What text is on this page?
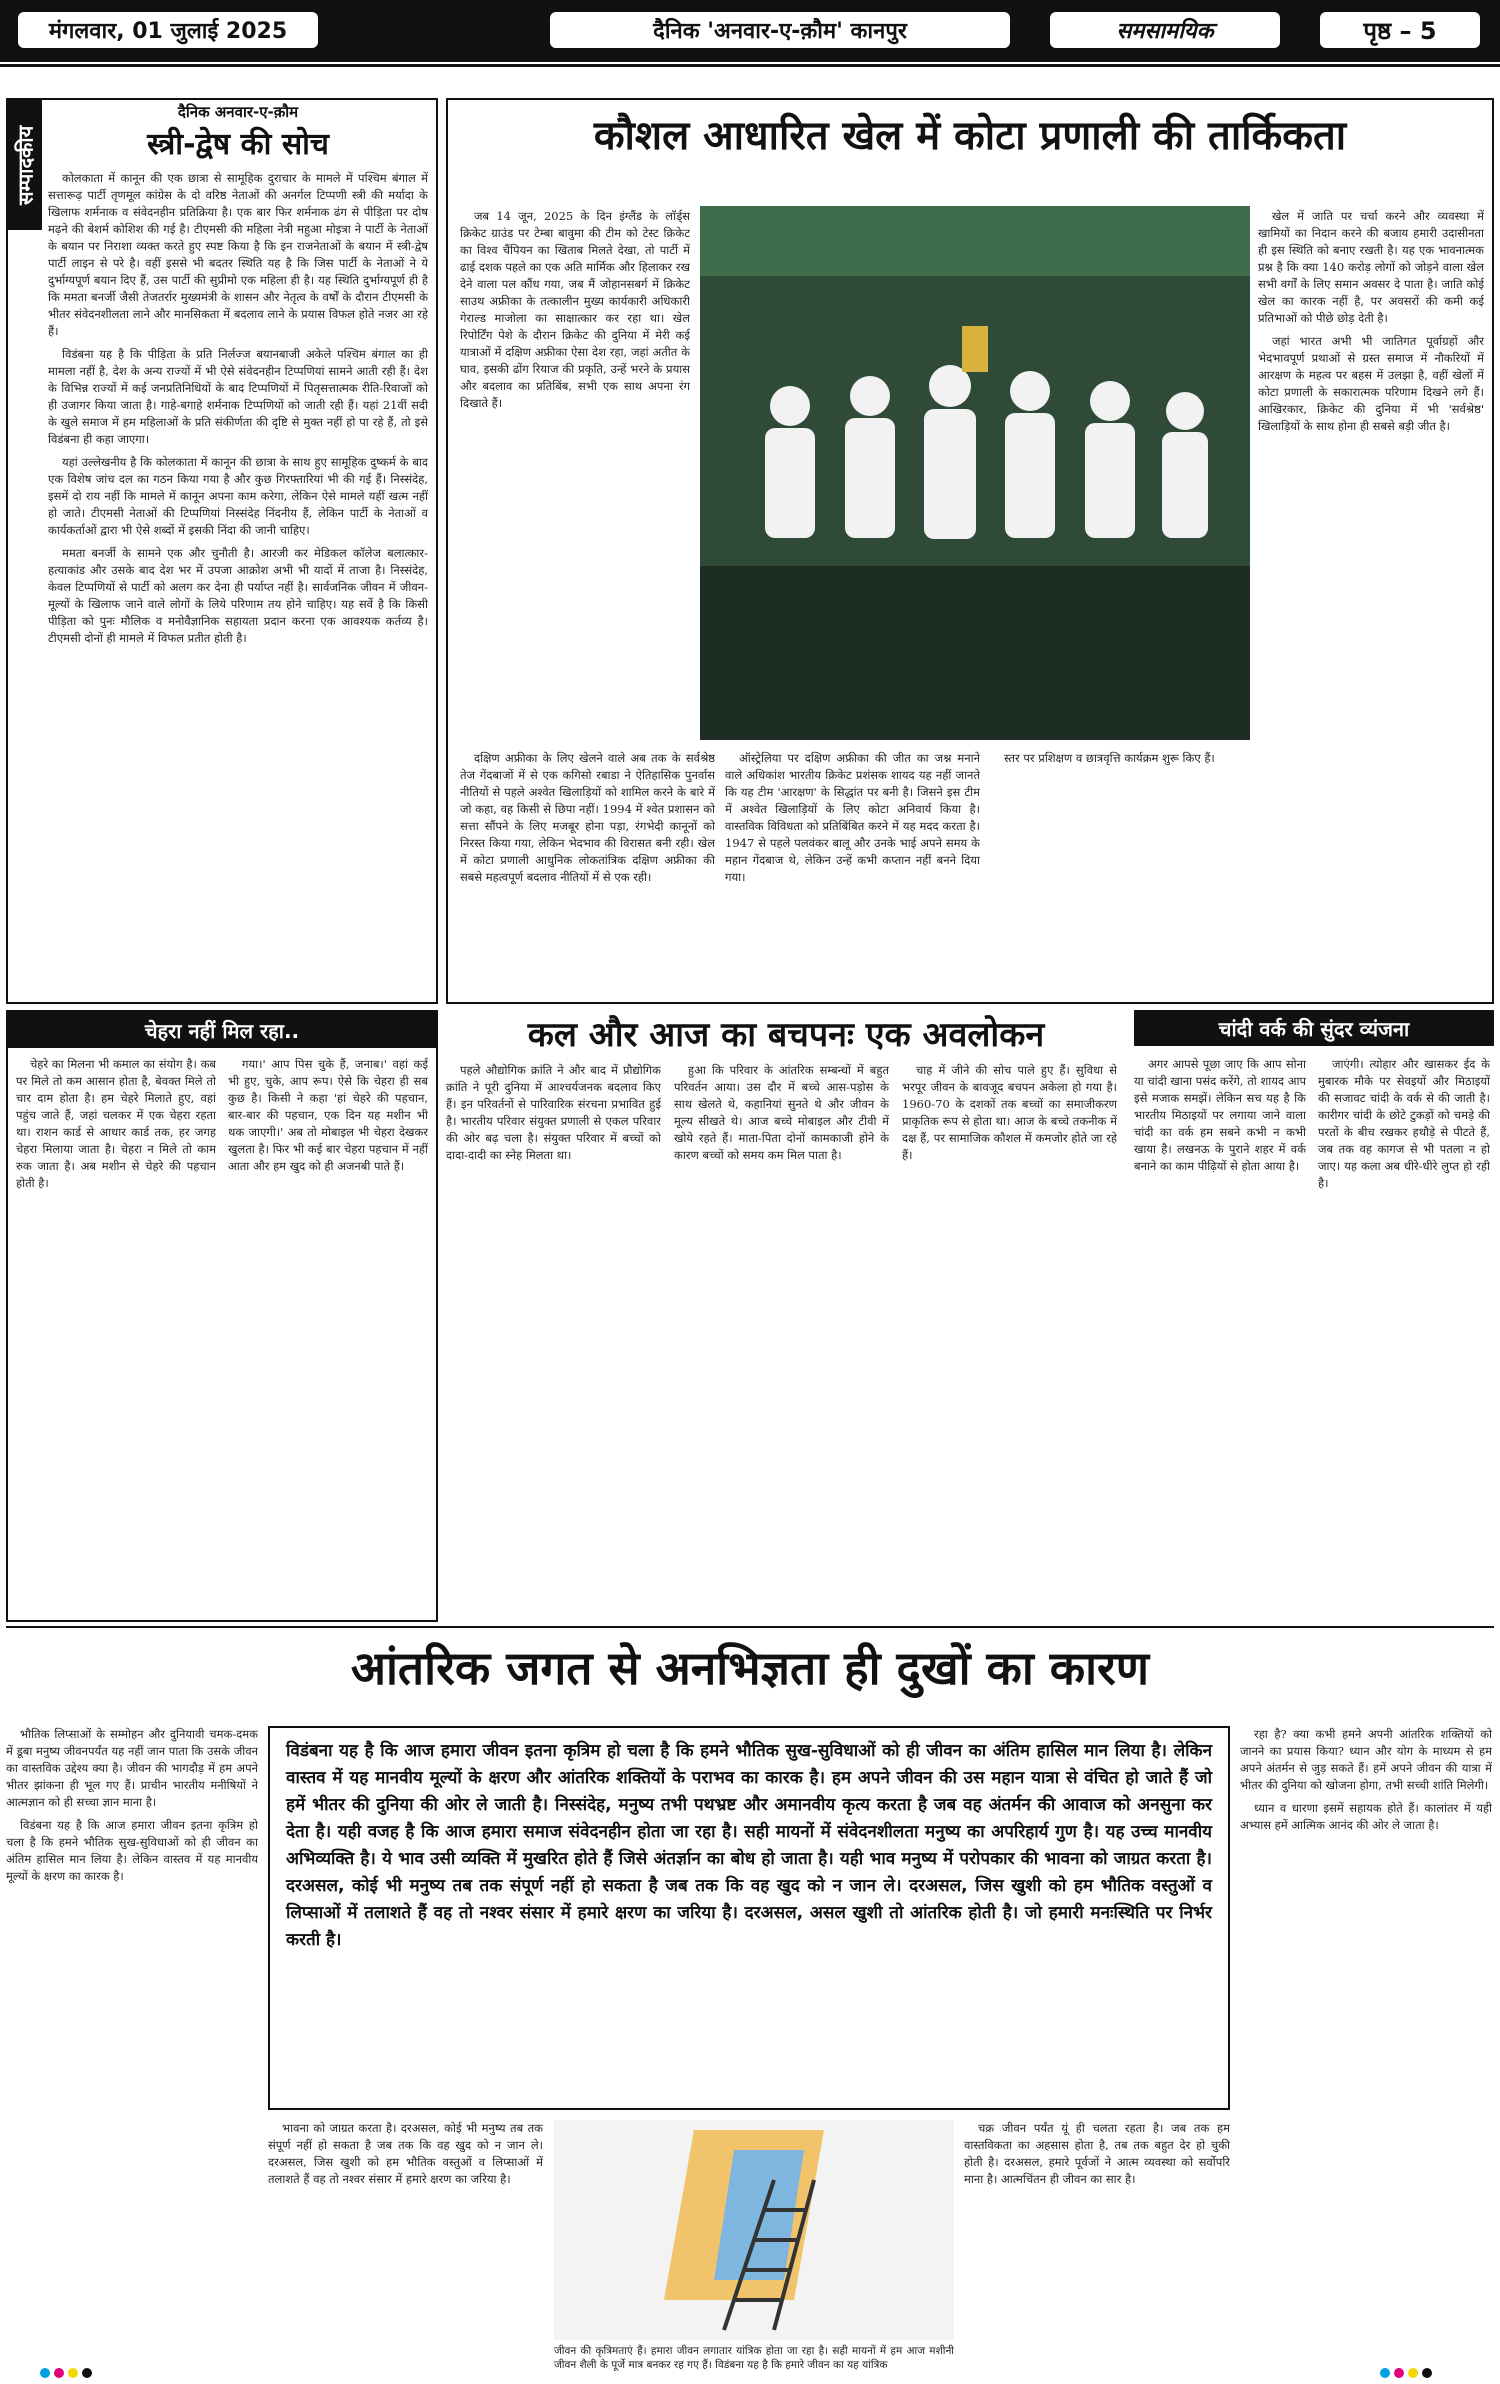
मंगलवार, 01 जुलाई 2025	दैनिक 'अनवार-ए-क़ौम' कानपुर	समसामयिक	पृष्ठ – 5
सम्पादकीय
दैनिक अनवार-ए-क़ौम
स्त्री-द्वेष की सोच

कोलकाता में कानून की एक छात्रा से सामूहिक दुराचार के मामले में पश्चिम बंगाल में सत्तारूढ़ पार्टी तृणमूल कांग्रेस के दो वरिष्ठ नेताओं की अनर्गल टिप्पणी स्त्री की मर्यादा के खिलाफ शर्मनाक व संवेदनहीन प्रतिक्रिया है। एक बार फिर शर्मनाक ढंग से पीड़िता पर दोष मढ़ने की बेशर्म कोशिश की गई है। टीएमसी की महिला नेत्री महुआ मोइत्रा ने पार्टी के नेताओं के बयान पर निराशा व्यक्त करते हुए स्पष्ट किया है कि इन राजनेताओं के बयान में स्त्री-द्वेष पार्टी लाइन से परे है। वहीं इससे भी बदतर स्थिति यह है कि जिस पार्टी के नेताओं ने ये दुर्भाग्यपूर्ण बयान दिए हैं, उस पार्टी की सुप्रीमो एक महिला ही है। यह स्थिति दुर्भाग्यपूर्ण ही है कि ममता बनर्जी जैसी तेजतर्रार मुख्यमंत्री के शासन और नेतृत्व के वर्षों के दौरान टीएमसी के भीतर संवेदनशीलता लाने और मानसिकता में बदलाव लाने के प्रयास विफल होते नजर आ रहे हैं।

विडंबना यह है कि पीड़िता के प्रति निर्लज्ज बयानबाजी अकेले पश्चिम बंगाल का ही मामला नहीं है, देश के अन्य राज्यों में भी ऐसे संवेदनहीन टिप्पणियां सामने आती रही हैं। देश के विभिन्न राज्यों में कई जनप्रतिनिधियों के बाद टिप्पणियों में पितृसत्तात्मक रीति-रिवाजों को ही उजागर किया जाता है। गाहे-बगाहे शर्मनाक टिप्पणियों को जाती रही हैं। यहां 21वीं सदी के खुले समाज में हम महिलाओं के प्रति संकीर्णता की दृष्टि से मुक्त नहीं हो पा रहे हैं, तो इसे विडंबना ही कहा जाएगा।

यहां उल्लेखनीय है कि कोलकाता में कानून की छात्रा के साथ हुए सामूहिक दुष्कर्म के बाद एक विशेष जांच दल का गठन किया गया है और कुछ गिरफ्तारियां भी की गई हैं। निस्संदेह, इसमें दो राय नहीं कि मामले में कानून अपना काम करेगा, लेकिन ऐसे मामले यहीं खत्म नहीं हो जाते। टीएमसी नेताओं की टिप्पणियां निस्संदेह निंदनीय हैं, लेकिन पार्टी के नेताओं व कार्यकर्ताओं द्वारा भी ऐसे शब्दों में इसकी निंदा की जानी चाहिए।

ममता बनर्जी के सामने एक और चुनौती है। आरजी कर मेडिकल कॉलेज बलात्कार-हत्याकांड और उसके बाद देश भर में उपजा आक्रोश अभी भी यादों में ताजा है। निस्संदेह, केवल टिप्पणियों से पार्टी को अलग कर देना ही पर्याप्त नहीं है। सार्वजनिक जीवन में जीवन-मूल्यों के खिलाफ जाने वाले लोगों के लिये परिणाम तय होने चाहिए। यह सर्वे है कि किसी पीड़िता को पुनः मौलिक व मनोवैज्ञानिक सहायता प्रदान करना एक आवश्यक कर्तव्य है। टीएमसी दोनों ही मामले में विफल प्रतीत होती है।

कौशल आधारित खेल में कोटा प्रणाली की तार्किकता

जब 14 जून, 2025 के दिन इंग्लैंड के लॉर्ड्स क्रिकेट ग्राउंड पर टेम्बा बावुमा की टीम को टेस्ट क्रिकेट का विश्व चैंपियन का खिताब मिलते देखा, तो पार्टी में ढाई दशक पहले का एक अति मार्मिक और हिलाकर रख देने वाला पल कौंध गया, जब मैं जोहानसबर्ग में क्रिकेट साउथ अफ्रीका के तत्कालीन मुख्य कार्यकारी अधिकारी गेराल्ड माजोला का साक्षात्कार कर रहा था। खेल रिपोर्टिंग पेशे के दौरान क्रिकेट की दुनिया में मेरी कई यात्राओं में दक्षिण अफ्रीका ऐसा देश रहा, जहां अतीत के घाव, इसकी ढोंग रियाज की प्रकृति, उन्हें भरने के प्रयास और बदलाव का प्रतिबिंब, सभी एक साथ अपना रंग दिखाते हैं।

दक्षिण अफ्रीका के लिए खेलने वाले अब तक के सर्वश्रेष्ठ तेज गेंदबाजों में से एक कगिसो रबाडा ने ऐतिहासिक पुनर्वास नीतियों से पहले अश्वेत खिलाड़ियों को शामिल करने के बारे में जो कहा, वह किसी से छिपा नहीं। 1994 में श्वेत प्रशासन को सत्ता सौंपने के लिए मजबूर होना पड़ा, रंगभेदी कानूनों को निरस्त किया गया, लेकिन भेदभाव की विरासत बनी रही। खेल में कोटा प्रणाली आधुनिक लोकतांत्रिक दक्षिण अफ्रीका की सबसे महत्वपूर्ण बदलाव नीतियों में से एक रही।

ऑस्ट्रेलिया पर दक्षिण अफ्रीका की जीत का जश्न मनाने वाले अधिकांश भारतीय क्रिकेट प्रशंसक शायद यह नहीं जानते कि यह टीम 'आरक्षण' के सिद्धांत पर बनी है। जिसने इस टीम में अश्वेत खिलाड़ियों के लिए कोटा अनिवार्य किया है। वास्तविक विविधता को प्रतिबिंबित करने में यह मदद करता है। 1947 से पहले पलवंकर बालू और उनके भाई अपने समय के महान गेंदबाज थे, लेकिन उन्हें कभी कप्तान नहीं बनने दिया गया।

स्तर पर प्रशिक्षण व छात्रवृत्ति कार्यक्रम शुरू किए हैं।

खेल में जाति पर चर्चा करने और व्यवस्था में खामियों का निदान करने की बजाय हमारी उदासीनता ही इस स्थिति को बनाए रखती है। यह एक भावनात्मक प्रश्न है कि क्या 140 करोड़ लोगों को जोड़ने वाला खेल सभी वर्गों के लिए समान अवसर दे पाता है। जाति कोई खेल का कारक नहीं है, पर अवसरों की कमी कई प्रतिभाओं को पीछे छोड़ देती है।

जहां भारत अभी भी जातिगत पूर्वाग्रहों और भेदभावपूर्ण प्रथाओं से ग्रस्त समाज में नौकरियों में आरक्षण के महत्व पर बहस में उलझा है, वहीं खेलों में कोटा प्रणाली के सकारात्मक परिणाम दिखने लगे हैं। आखिरकार, क्रिकेट की दुनिया में भी 'सर्वश्रेष्ठ' खिलाड़ियों के साथ होना ही सबसे बड़ी जीत है।

चेहरा नहीं मिल रहा..

चेहरे का मिलना भी कमाल का संयोग है। कब पर मिले तो कम आसान होता है, बेवक्त मिले तो चार दाम होता है। हम चेहरे मिलाते हुए, वहां पहुंच जाते हैं, जहां चलकर में एक चेहरा रहता था। राशन कार्ड से आधार कार्ड तक, हर जगह चेहरा मिलाया जाता है। चेहरा न मिले तो काम रुक जाता है। अब मशीन से चेहरे की पहचान होती है।

गया।' आप पिस चुके हैं, जनाब।' वहां कई भी हुए, चुके, आप रूप। ऐसे कि चेहरा ही सब कुछ है। किसी ने कहा 'हां चेहरे की पहचान, बार-बार की पहचान, एक दिन यह मशीन भी थक जाएगी।' अब तो मोबाइल भी चेहरा देखकर खुलता है। फिर भी कई बार चेहरा पहचान में नहीं आता और हम खुद को ही अजनबी पाते हैं।

कल और आज का बचपनः एक अवलोकन

पहले औद्योगिक क्रांति ने और बाद में प्रौद्योगिक क्रांति ने पूरी दुनिया में आश्चर्यजनक बदलाव किए हैं। इन परिवर्तनों से पारिवारिक संरचना प्रभावित हुई है। भारतीय परिवार संयुक्त प्रणाली से एकल परिवार की ओर बढ़ चला है। संयुक्त परिवार में बच्चों को दादा-दादी का स्नेह मिलता था।

हुआ कि परिवार के आंतरिक सम्बन्धों में बहुत परिवर्तन आया। उस दौर में बच्चे आस-पड़ोस के साथ खेलते थे, कहानियां सुनते थे और जीवन के मूल्य सीखते थे। आज बच्चे मोबाइल और टीवी में खोये रहते हैं। माता-पिता दोनों कामकाजी होने के कारण बच्चों को समय कम मिल पाता है।

चाह में जीने की सोच पाले हुए हैं। सुविधा से भरपूर जीवन के बावजूद बचपन अकेला हो गया है। 1960-70 के दशकों तक बच्चों का समाजीकरण प्राकृतिक रूप से होता था। आज के बच्चे तकनीक में दक्ष हैं, पर सामाजिक कौशल में कमजोर होते जा रहे हैं।

चांदी वर्क की सुंदर व्यंजना

अगर आपसे पूछा जाए कि आप सोना या चांदी खाना पसंद करेंगे, तो शायद आप इसे मजाक समझें। लेकिन सच यह है कि भारतीय मिठाइयों पर लगाया जाने वाला चांदी का वर्क हम सबने कभी न कभी खाया है। लखनऊ के पुराने शहर में वर्क बनाने का काम पीढ़ियों से होता आया है।

जाएंगी। त्योहार और खासकर ईद के मुबारक मौके पर सेवइयों और मिठाइयों की सजावट चांदी के वर्क से की जाती है। कारीगर चांदी के छोटे टुकड़ों को चमड़े की परतों के बीच रखकर हथौड़े से पीटते हैं, जब तक वह कागज से भी पतला न हो जाए। यह कला अब धीरे-धीरे लुप्त हो रही है।

आंतरिक जगत से अनभिज्ञता ही दुखों का कारण

भौतिक लिप्साओं के सम्मोहन और दुनियावी चमक-दमक में डूबा मनुष्य जीवनपर्यंत यह नहीं जान पाता कि उसके जीवन का वास्तविक उद्देश्य क्या है। जीवन की भागदौड़ में हम अपने भीतर झांकना ही भूल गए हैं। प्राचीन भारतीय मनीषियों ने आत्मज्ञान को ही सच्चा ज्ञान माना है।

विडंबना यह है कि आज हमारा जीवन इतना कृत्रिम हो चला है कि हमने भौतिक सुख-सुविधाओं को ही जीवन का अंतिम हासिल मान लिया है। लेकिन वास्तव में यह मानवीय मूल्यों के क्षरण का कारक है।

विडंबना यह है कि आज हमारा जीवन इतना कृत्रिम हो चला है कि हमने भौतिक सुख-सुविधाओं को ही जीवन का अंतिम हासिल मान लिया है। लेकिन वास्तव में यह मानवीय मूल्यों के क्षरण और आंतरिक शक्तियों के पराभव का कारक है। हम अपने जीवन की उस महान यात्रा से वंचित हो जाते हैं जो हमें भीतर की दुनिया की ओर ले जाती है। निस्संदेह, मनुष्य तभी पथभ्रष्ट और अमानवीय कृत्य करता है जब वह अंतर्मन की आवाज को अनसुना कर देता है। यही वजह है कि आज हमारा समाज संवेदनहीन होता जा रहा है। सही मायनों में संवेदनशीलता मनुष्य का अपरिहार्य गुण है। यह उच्च मानवीय अभिव्यक्ति है। ये भाव उसी व्यक्ति में मुखरित होते हैं जिसे अंतर्ज्ञान का बोध हो जाता है। यही भाव मनुष्य में परोपकार की भावना को जाग्रत करता है। दरअसल, कोई भी मनुष्य तब तक संपूर्ण नहीं हो सकता है जब तक कि वह खुद को न जान ले। दरअसल, जिस खुशी को हम भौतिक वस्तुओं व लिप्साओं में तलाशते हैं वह तो नश्वर संसार में हमारे क्षरण का जरिया है। दरअसल, असल खुशी तो आंतरिक होती है। जो हमारी मनःस्थिति पर निर्भर करती है।

भावना को जाग्रत करता है। दरअसल, कोई भी मनुष्य तब तक संपूर्ण नहीं हो सकता है जब तक कि वह खुद को न जान ले। दरअसल, जिस खुशी को हम भौतिक वस्तुओं व लिप्साओं में तलाशते हैं वह तो नश्वर संसार में हमारे क्षरण का जरिया है।

जीवन की कृत्रिमताएं हैं। हमारा जीवन लगातार यांत्रिक होता जा रहा है। सही मायनों में हम आज मशीनी जीवन शैली के पूर्जे मात्र बनकर रह गए हैं। विडंबना यह है कि हमारे जीवन का यह यांत्रिक

चक्र जीवन पर्यंत यूं ही चलता रहता है। जब तक हम वास्तविकता का अहसास होता है, तब तक बहुत देर हो चुकी होती है। दरअसल, हमारे पूर्वजों ने आत्म व्यवस्था को सर्वोपरि माना है। आत्मचिंतन ही जीवन का सार है।

रहा है? क्या कभी हमने अपनी आंतरिक शक्तियों को जानने का प्रयास किया? ध्यान और योग के माध्यम से हम अपने अंतर्मन से जुड़ सकते हैं। हमें अपने जीवन की यात्रा में भीतर की दुनिया को खोजना होगा, तभी सच्ची शांति मिलेगी।

ध्यान व धारणा इसमें सहायक होते हैं। कालांतर में यही अभ्यास हमें आत्मिक आनंद की ओर ले जाता है।
